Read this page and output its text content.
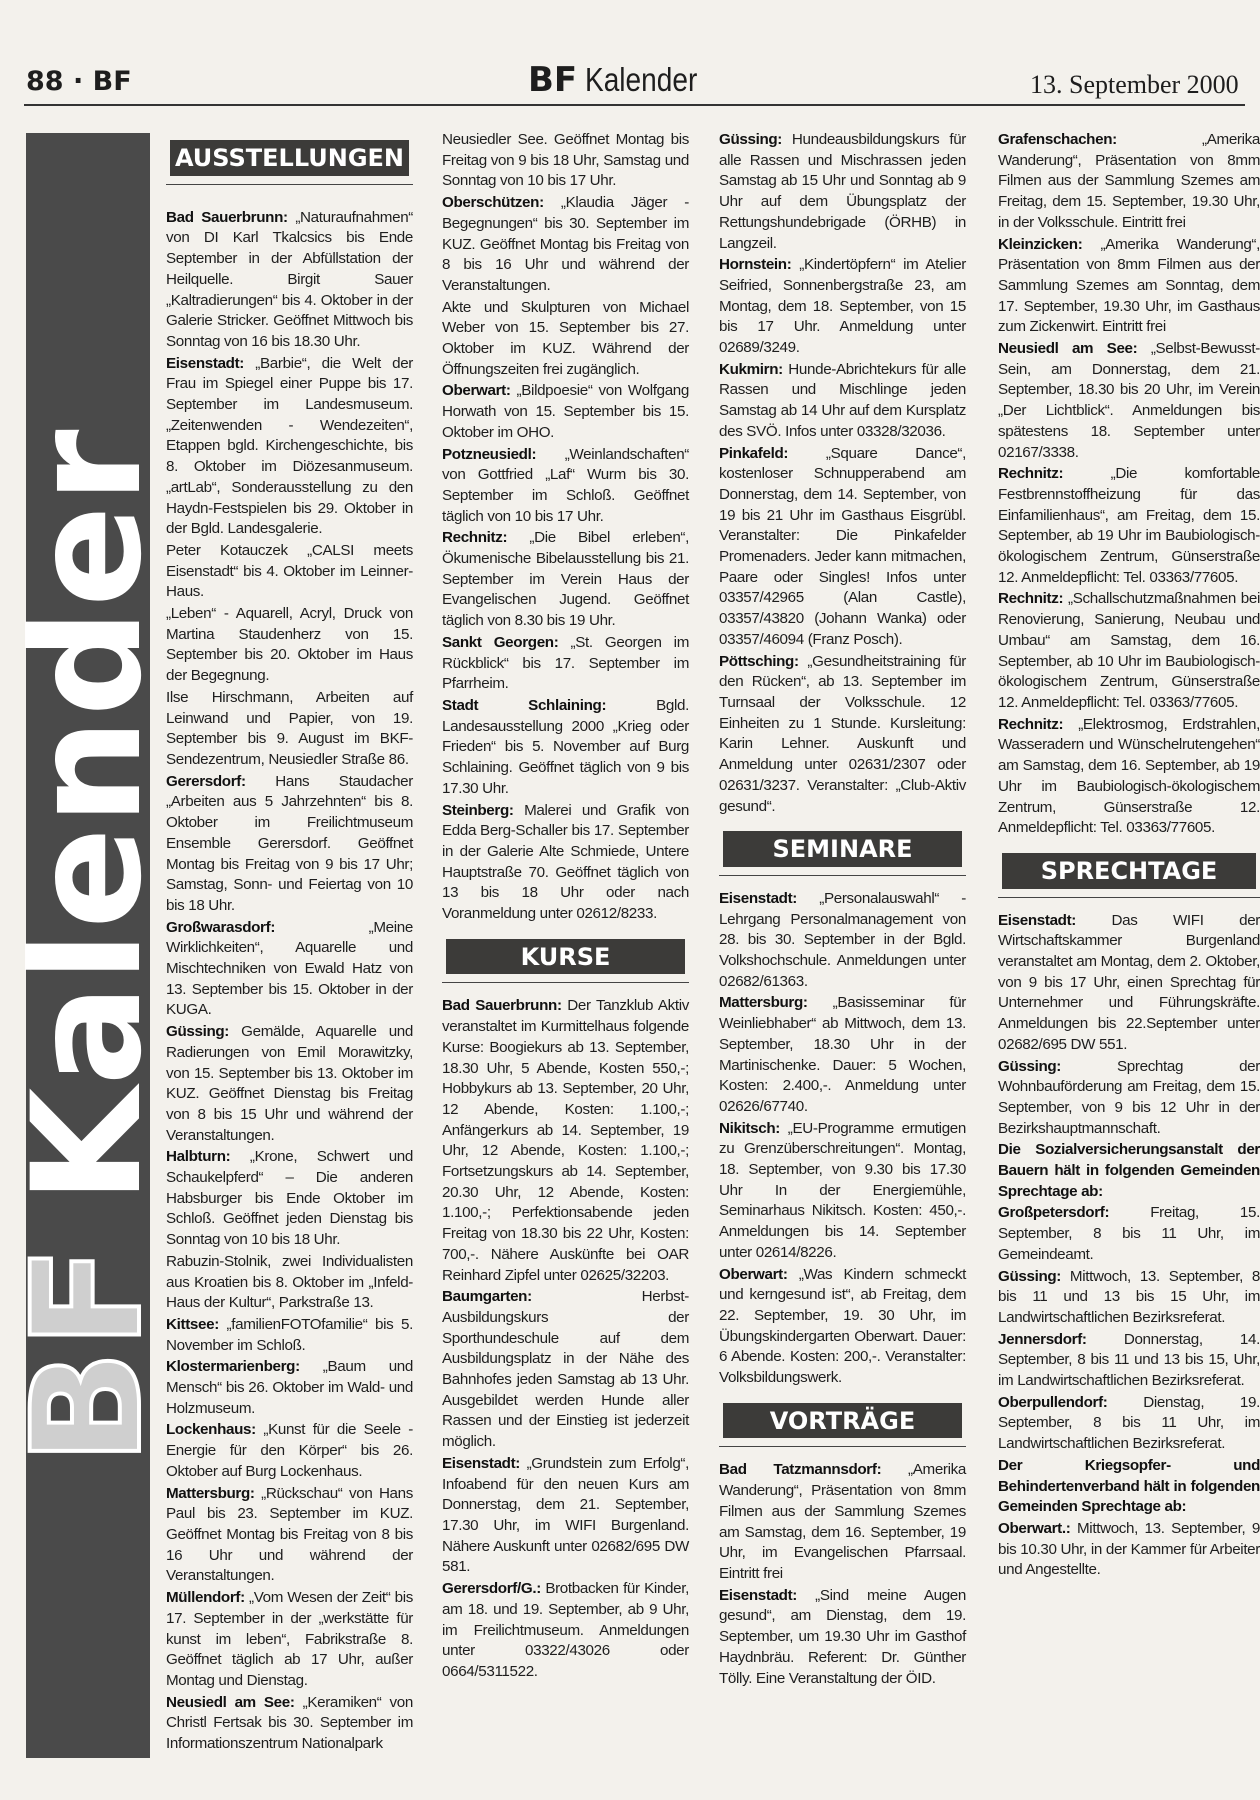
88 · BF	BF Kalender	13. September 2000
BFKalender
AUSSTELLUNGEN
Bad Sauerbrunn: „Naturaufnahmen“ von DI Karl Tkalcsics bis Ende September in der Abfüllstation der Heilquelle. Birgit Sauer „Kaltradierungen“ bis 4. Oktober in der Galerie Stricker. Geöffnet Mittwoch bis Sonntag von 16 bis 18.30 Uhr.
Eisenstadt: „Barbie“, die Welt der Frau im Spiegel einer Puppe bis 17. September im Landesmuseum. „Zeitenwenden - Wendezeiten“, Etappen bgld. Kirchengeschichte, bis 8. Oktober im Diözesanmuseum. „artLab“, Sonderausstellung zu den Haydn-Festspielen bis 29. Oktober in der Bgld. Landesgalerie.
Peter Kotauczek „CALSI meets Eisenstadt“ bis 4. Oktober im Leinner-Haus.
„Leben“ - Aquarell, Acryl, Druck von Martina Staudenherz von 15. September bis 20. Oktober im Haus der Begegnung.
Ilse Hirschmann, Arbeiten auf Leinwand und Papier, von 19. September bis 9. August im BKF-Sendezentrum, Neusiedler Straße 86.
Gerersdorf: Hans Staudacher „Arbeiten aus 5 Jahrzehnten“ bis 8. Oktober im Freilichtmuseum Ensemble Gerersdorf. Geöffnet Montag bis Freitag von 9 bis 17 Uhr; Samstag, Sonn- und Feiertag von 10 bis 18 Uhr.
Großwarasdorf: „Meine Wirklichkeiten“, Aquarelle und Mischtechniken von Ewald Hatz von 13. September bis 15. Oktober in der KUGA.
Güssing: Gemälde, Aquarelle und Radierungen von Emil Morawitzky, von 15. September bis 13. Oktober im KUZ. Geöffnet Dienstag bis Freitag von 8 bis 15 Uhr und während der Veranstaltungen.
Halbturn: „Krone, Schwert und Schaukelpferd“ – Die anderen Habsburger bis Ende Oktober im Schloß. Geöffnet jeden Dienstag bis Sonntag von 10 bis 18 Uhr.
Rabuzin-Stolnik, zwei Individualisten aus Kroatien bis 8. Oktober im „Infeld-Haus der Kultur“, Parkstraße 13.
Kittsee: „familienFOTOfamilie“ bis 5. November im Schloß.
Klostermarienberg: „Baum und Mensch“ bis 26. Oktober im Wald- und Holzmuseum.
Lockenhaus: „Kunst für die Seele - Energie für den Körper“ bis 26. Oktober auf Burg Lockenhaus.
Mattersburg: „Rückschau“ von Hans Paul bis 23. September im KUZ. Geöffnet Montag bis Freitag von 8 bis 16 Uhr und während der Veranstaltungen.
Müllendorf: „Vom Wesen der Zeit“ bis 17. September in der „werkstätte für kunst im leben“, Fabrikstraße 8. Geöffnet täglich ab 17 Uhr, außer Montag und Dienstag.
Neusiedl am See: „Keramiken“ von Christl Fertsak bis 30. September im Informationszentrum Nationalpark
Neusiedler See. Geöffnet Montag bis Freitag von 9 bis 18 Uhr, Samstag und Sonntag von 10 bis 17 Uhr.
Oberschützen: „Klaudia Jäger - Begegnungen“ bis 30. September im KUZ. Geöffnet Montag bis Freitag von 8 bis 16 Uhr und während der Veranstaltungen.
Akte und Skulpturen von Michael Weber von 15. September bis 27. Oktober im KUZ. Während der Öffnungszeiten frei zugänglich.
Oberwart: „Bildpoesie“ von Wolfgang Horwath von 15. September bis 15. Oktober im OHO.
Potzneusiedl: „Weinlandschaften“ von Gottfried „Laf“ Wurm bis 30. September im Schloß. Geöffnet täglich von 10 bis 17 Uhr.
Rechnitz: „Die Bibel erleben“, Ökumenische Bibelausstellung bis 21. September im Verein Haus der Evangelischen Jugend. Geöffnet täglich von 8.30 bis 19 Uhr.
Sankt Georgen: „St. Georgen im Rückblick“ bis 17. September im Pfarrheim.
Stadt Schlaining: Bgld. Landesausstellung 2000 „Krieg oder Frieden“ bis 5. November auf Burg Schlaining. Geöffnet täglich von 9 bis 17.30 Uhr.
Steinberg: Malerei und Grafik von Edda Berg-Schaller bis 17. September in der Galerie Alte Schmiede, Untere Hauptstraße 70. Geöffnet täglich von 13 bis 18 Uhr oder nach Voranmeldung unter 02612/8233.
KURSE
Bad Sauerbrunn: Der Tanzklub Aktiv veranstaltet im Kurmittelhaus folgende Kurse: Boogiekurs ab 13. September, 18.30 Uhr, 5 Abende, Kosten 550,-; Hobbykurs ab 13. September, 20 Uhr, 12 Abende, Kosten: 1.100,-; Anfängerkurs ab 14. September, 19 Uhr, 12 Abende, Kosten: 1.100,-; Fortsetzungskurs ab 14. September, 20.30 Uhr, 12 Abende, Kosten: 1.100,-; Perfektionsabende jeden Freitag von 18.30 bis 22 Uhr, Kosten: 700,-. Nähere Auskünfte bei OAR Reinhard Zipfel unter 02625/32203.
Baumgarten: Herbst-Ausbildungskurs der Sporthundeschule auf dem Ausbildungsplatz in der Nähe des Bahnhofes jeden Samstag ab 13 Uhr. Ausgebildet werden Hunde aller Rassen und der Einstieg ist jederzeit möglich.
Eisenstadt: „Grundstein zum Erfolg“, Infoabend für den neuen Kurs am Donnerstag, dem 21. September, 17.30 Uhr, im WIFI Burgenland. Nähere Auskunft unter 02682/695 DW 581.
Gerersdorf/G.: Brotbacken für Kinder, am 18. und 19. September, ab 9 Uhr, im Freilichtmuseum. Anmeldungen unter 03322/43026 oder 0664/5311522.
Güssing: Hundeausbildungskurs für alle Rassen und Mischrassen jeden Samstag ab 15 Uhr und Sonntag ab 9 Uhr auf dem Übungsplatz der Rettungshundebrigade (ÖRHB) in Langzeil.
Hornstein: „Kindertöpfern“ im Atelier Seifried, Sonnenbergstraße 23, am Montag, dem 18. September, von 15 bis 17 Uhr. Anmeldung unter 02689/3249.
Kukmirn: Hunde-Abrichtekurs für alle Rassen und Mischlinge jeden Samstag ab 14 Uhr auf dem Kursplatz des SVÖ. Infos unter 03328/32036.
Pinkafeld: „Square Dance“, kostenloser Schnupperabend am Donnerstag, dem 14. September, von 19 bis 21 Uhr im Gasthaus Eisgrübl. Veranstalter: Die Pinkafelder Promenaders. Jeder kann mitmachen, Paare oder Singles! Infos unter 03357/42965 (Alan Castle), 03357/43820 (Johann Wanka) oder 03357/46094 (Franz Posch).
Pöttsching: „Gesundheitstraining für den Rücken“, ab 13. September im Turnsaal der Volksschule. 12 Einheiten zu 1 Stunde. Kursleitung: Karin Lehner. Auskunft und Anmeldung unter 02631/2307 oder 02631/3237. Veranstalter: „Club-Aktiv gesund“.
SEMINARE
Eisenstadt: „Personalauswahl“ - Lehrgang Personalmanagement von 28. bis 30. September in der Bgld. Volkshochschule. Anmeldungen unter 02682/61363.
Mattersburg: „Basisseminar für Weinliebhaber“ ab Mittwoch, dem 13. September, 18.30 Uhr in der Martinischenke. Dauer: 5 Wochen, Kosten: 2.400,-. Anmeldung unter 02626/67740.
Nikitsch: „EU-Programme ermutigen zu Grenzüberschreitungen“. Montag, 18. September, von 9.30 bis 17.30 Uhr In der Energiemühle, Seminarhaus Nikitsch. Kosten: 450,-. Anmeldungen bis 14. September unter 02614/8226.
Oberwart: „Was Kindern schmeckt und kerngesund ist“, ab Freitag, dem 22. September, 19. 30 Uhr, im Übungskindergarten Oberwart. Dauer: 6 Abende. Kosten: 200,-. Veranstalter: Volksbildungswerk.
VORTRÄGE
Bad Tatzmannsdorf: „Amerika Wanderung“, Präsentation von 8mm Filmen aus der Sammlung Szemes am Samstag, dem 16. September, 19 Uhr, im Evangelischen Pfarrsaal. Eintritt frei
Eisenstadt: „Sind meine Augen gesund“, am Dienstag, dem 19. September, um 19.30 Uhr im Gasthof Haydnbräu. Referent: Dr. Günther Tölly. Eine Veranstaltung der ÖID.
Grafenschachen: „Amerika Wanderung“, Präsentation von 8mm Filmen aus der Sammlung Szemes am Freitag, dem 15. September, 19.30 Uhr, in der Volksschule. Eintritt frei
Kleinzicken: „Amerika Wanderung“, Präsentation von 8mm Filmen aus der Sammlung Szemes am Sonntag, dem 17. September, 19.30 Uhr, im Gasthaus zum Zickenwirt. Eintritt frei
Neusiedl am See: „Selbst-Bewusst-Sein, am Donnerstag, dem 21. September, 18.30 bis 20 Uhr, im Verein „Der Lichtblick“. Anmeldungen bis spätestens 18. September unter 02167/3338.
Rechnitz: „Die komfortable Festbrennstoffheizung für das Einfamilienhaus“, am Freitag, dem 15. September, ab 19 Uhr im Baubiologisch-ökologischem Zentrum, Günserstraße 12. Anmeldepflicht: Tel. 03363/77605.
Rechnitz: „Schallschutzmaßnahmen bei Renovierung, Sanierung, Neubau und Umbau“ am Samstag, dem 16. September, ab 10 Uhr im Baubiologisch-ökologischem Zentrum, Günserstraße 12. Anmeldepflicht: Tel. 03363/77605.
Rechnitz: „Elektrosmog, Erdstrahlen, Wasseradern und Wünschelrutengehen“ am Samstag, dem 16. September, ab 19 Uhr im Baubiologisch-ökologischem Zentrum, Günserstraße 12. Anmeldepflicht: Tel. 03363/77605.
SPRECHTAGE
Eisenstadt: Das WIFI der Wirtschaftskammer Burgenland veranstaltet am Montag, dem 2. Oktober, von 9 bis 17 Uhr, einen Sprechtag für Unternehmer und Führungskräfte. Anmeldungen bis 22.September unter 02682/695 DW 551.
Güssing: Sprechtag der Wohnbauförderung am Freitag, dem 15. September, von 9 bis 12 Uhr in der Bezirkshauptmannschaft.
Die Sozialversicherungsanstalt der Bauern hält in folgenden Gemeinden Sprechtage ab:
Großpetersdorf: Freitag, 15. September, 8 bis 11 Uhr, im Gemeindeamt.
Güssing: Mittwoch, 13. September, 8 bis 11 und 13 bis 15 Uhr, im Landwirtschaftlichen Bezirksreferat.
Jennersdorf: Donnerstag, 14. September, 8 bis 11 und 13 bis 15, Uhr, im Landwirtschaftlichen Bezirksreferat.
Oberpullendorf: Dienstag, 19. September, 8 bis 11 Uhr, im Landwirtschaftlichen Bezirksreferat.
Der Kriegsopfer- und Behindertenverband hält in folgenden Gemeinden Sprechtage ab:
Oberwart.: Mittwoch, 13. September, 9 bis 10.30 Uhr, in der Kammer für Arbeiter und Angestellte.
